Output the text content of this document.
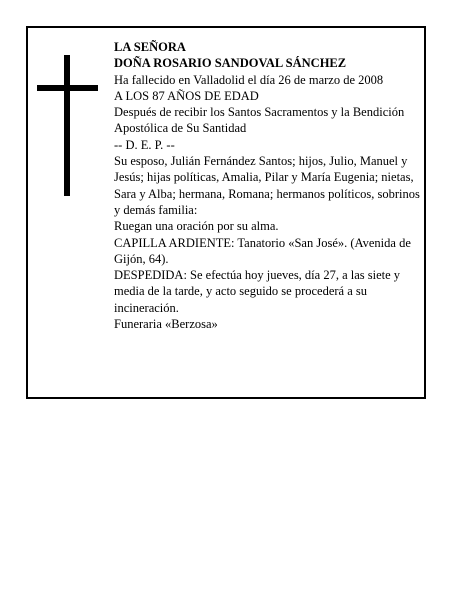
LA SEÑORA

DOÑA ROSARIO SANDOVAL SÁNCHEZ

Ha fallecido en Valladolid el día 26 de marzo de 2008

A LOS 87 AÑOS DE EDAD

Después de recibir los Santos Sacramentos y la Bendición Apostólica de Su Santidad

-- D. E. P. --

Su esposo, Julián Fernández Santos; hijos, Julio, Manuel y Jesús; hijas políticas, Amalia, Pilar y María Eugenia; nietas, Sara y Alba; hermana, Romana; hermanos políticos, sobrinos y demás familia:

Ruegan una oración por su alma.

CAPILLA ARDIENTE: Tanatorio «San José». (Avenida de Gijón, 64).

DESPEDIDA: Se efectúa hoy jueves, día 27, a las siete y media de la tarde, y acto seguido se procederá a su incineración.

Funeraria «Berzosa»
